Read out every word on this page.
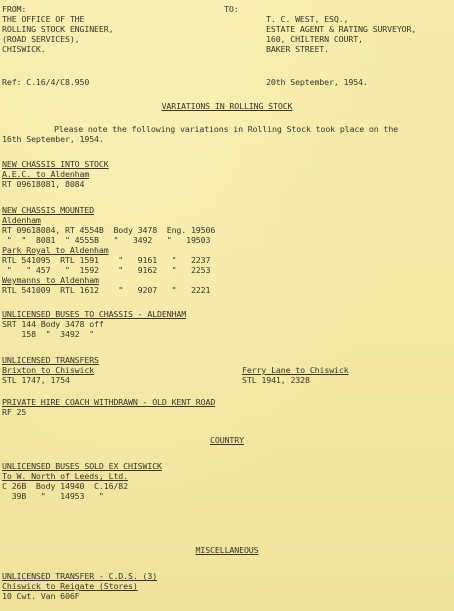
FROM:
THE OFFICE OF THE
ROLLING STOCK ENGINEER,
(ROAD SERVICES),
CHISWICK.
TO:
T. C. WEST, ESQ.,
ESTATE AGENT & RATING SURVEYOR,
160, CHILTERN COURT,
BAKER STREET.
Ref: C.16/4/C8.950	20th September, 1954.
VARIATIONS IN ROLLING STOCK
Please note the following variations in Rolling Stock took place on the
16th September, 1954.
NEW CHASSIS INTO STOCK
A.E.C. to Aldenham
RT 09618081, 8084
NEW CHASSIS MOUNTED
Aldenham
RT 09618084, RT 4554B  Body 3478  Eng. 19506
"  "  8081  " 4555B   "   3492   "   19503
Park Royal to Aldenham
RTL 541095  RTL 1591    "   9161   "   2237
"   " 457   "  1592    "   9162   "   2253
Weymanns to Aldenham
RTL 541009  RTL 1612    "   9207   "   2221
UNLICENSED BUSES TO CHASSIS - ALDENHAM
SRT 144 Body 3478 off
158  "  3492  "
UNLICENSED TRANSFERS
Brixton to Chiswick
STL 1747, 1754
Ferry Lane to Chiswick
STL 1941, 2328
PRIVATE HIRE COACH WITHDRAWN - OLD KENT ROAD
RF 25
COUNTRY
UNLICENSED BUSES SOLD EX CHISWICK
To W. North of Leeds, Ltd.
C 26B  Body 14940  C.16/82
39B   "   14953   "
MISCELLANEOUS
UNLICENSED TRANSFER - C.D.S. (3)
Chiswick to Reigate (Stores)
10 Cwt. Van 606F
